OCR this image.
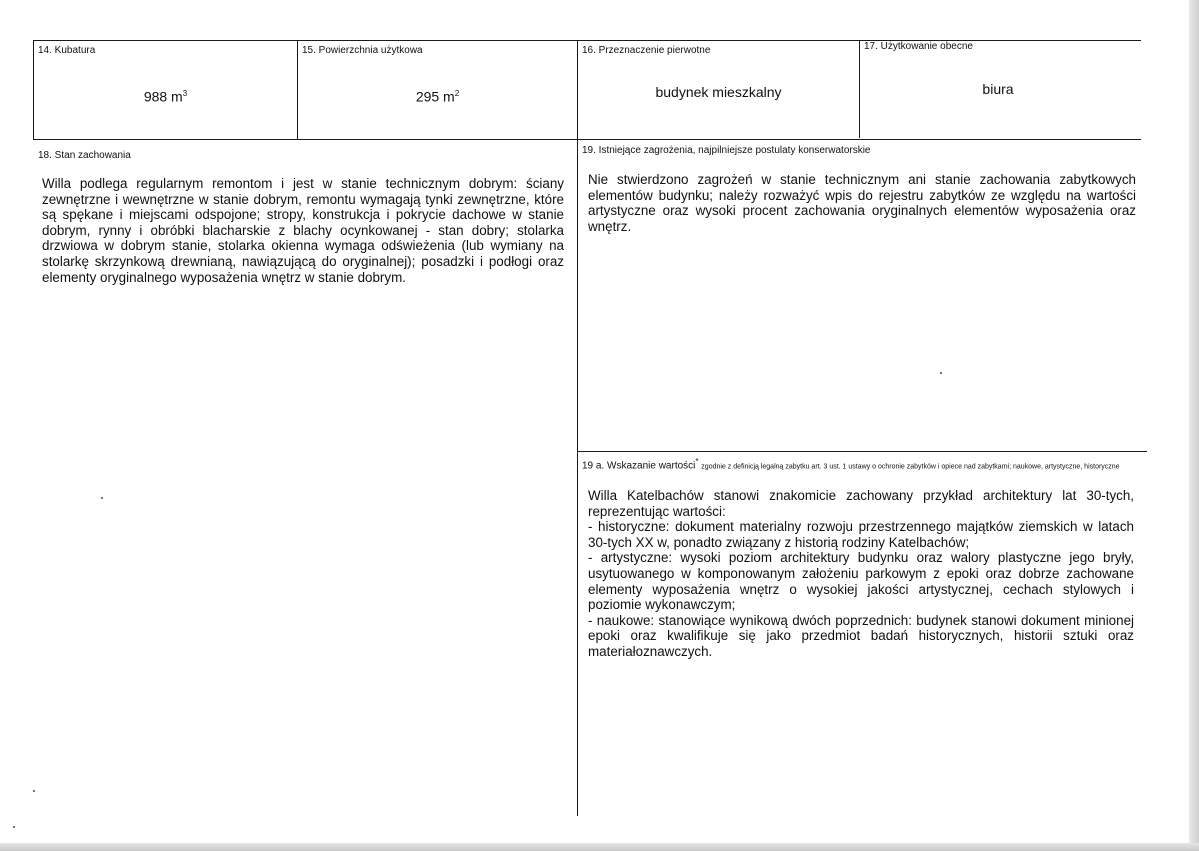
14. Kubatura
988 $m^3$
15. Powierzchnia użytkowa
295 $m^2$
16. Przeznaczenie pierwotne
budynek mieszkalny
17. Użytkowanie obecne
biura
18. Stan zachowania
Willa podlega regularnym remontom i jest w stanie technicznym dobrym: ściany zewnętrzne i wewnętrzne w stanie dobrym, remontu wymagają tynki zewnętrzne, które są spękane i miejscami odspojone; stropy, konstrukcja i pokrycie dachowe w stanie dobrym, rynny i obróbki blacharskie z blachy ocynkowanej - stan dobry; stolarka drzwiowa w dobrym stanie, stolarka okienna wymaga odświeżenia (lub wymiany na stolarkę skrzynkową drewnianą, nawiązującą do oryginalnej); posadzki i podłogi oraz elementy oryginalnego wyposażenia wnętrz w stanie dobrym.
19. Istniejące zagrożenia, najpilniejsze postulaty konserwatorskie
Nie stwierdzono zagrożeń w stanie technicznym ani stanie zachowania zabytkowych elementów budynku; należy rozważyć wpis do rejestru zabytków ze względu na wartości artystyczne oraz wysoki procent zachowania oryginalnych elementów wyposażenia oraz wnętrz.
19 a. Wskazanie wartości* zgodnie z definicją legalną zabytku art. 3 ust. 1 ustawy o ochronie zabytków i opiece nad zabytkami; naukowe, artystyczne, historyczne
Willa Katelbachów stanowi znakomicie zachowany przykład architektury lat 30-tych, reprezentując wartości:
- historyczne: dokument materialny rozwoju przestrzennego majątków ziemskich w latach 30-tych XX w, ponadto związany z historią rodziny Katelbachów;
- artystyczne: wysoki poziom architektury budynku oraz walory plastyczne jego bryły, usytuowanego w komponowanym założeniu parkowym z epoki oraz dobrze zachowane elementy wyposażenia wnętrz o wysokiej jakości artystycznej, cechach stylowych i poziomie wykonawczym;
- naukowe: stanowiące wynikową dwóch poprzednich: budynek stanowi dokument minionej epoki oraz kwalifikuje się jako przedmiot badań historycznych, historii sztuki oraz materiałoznawczych.
